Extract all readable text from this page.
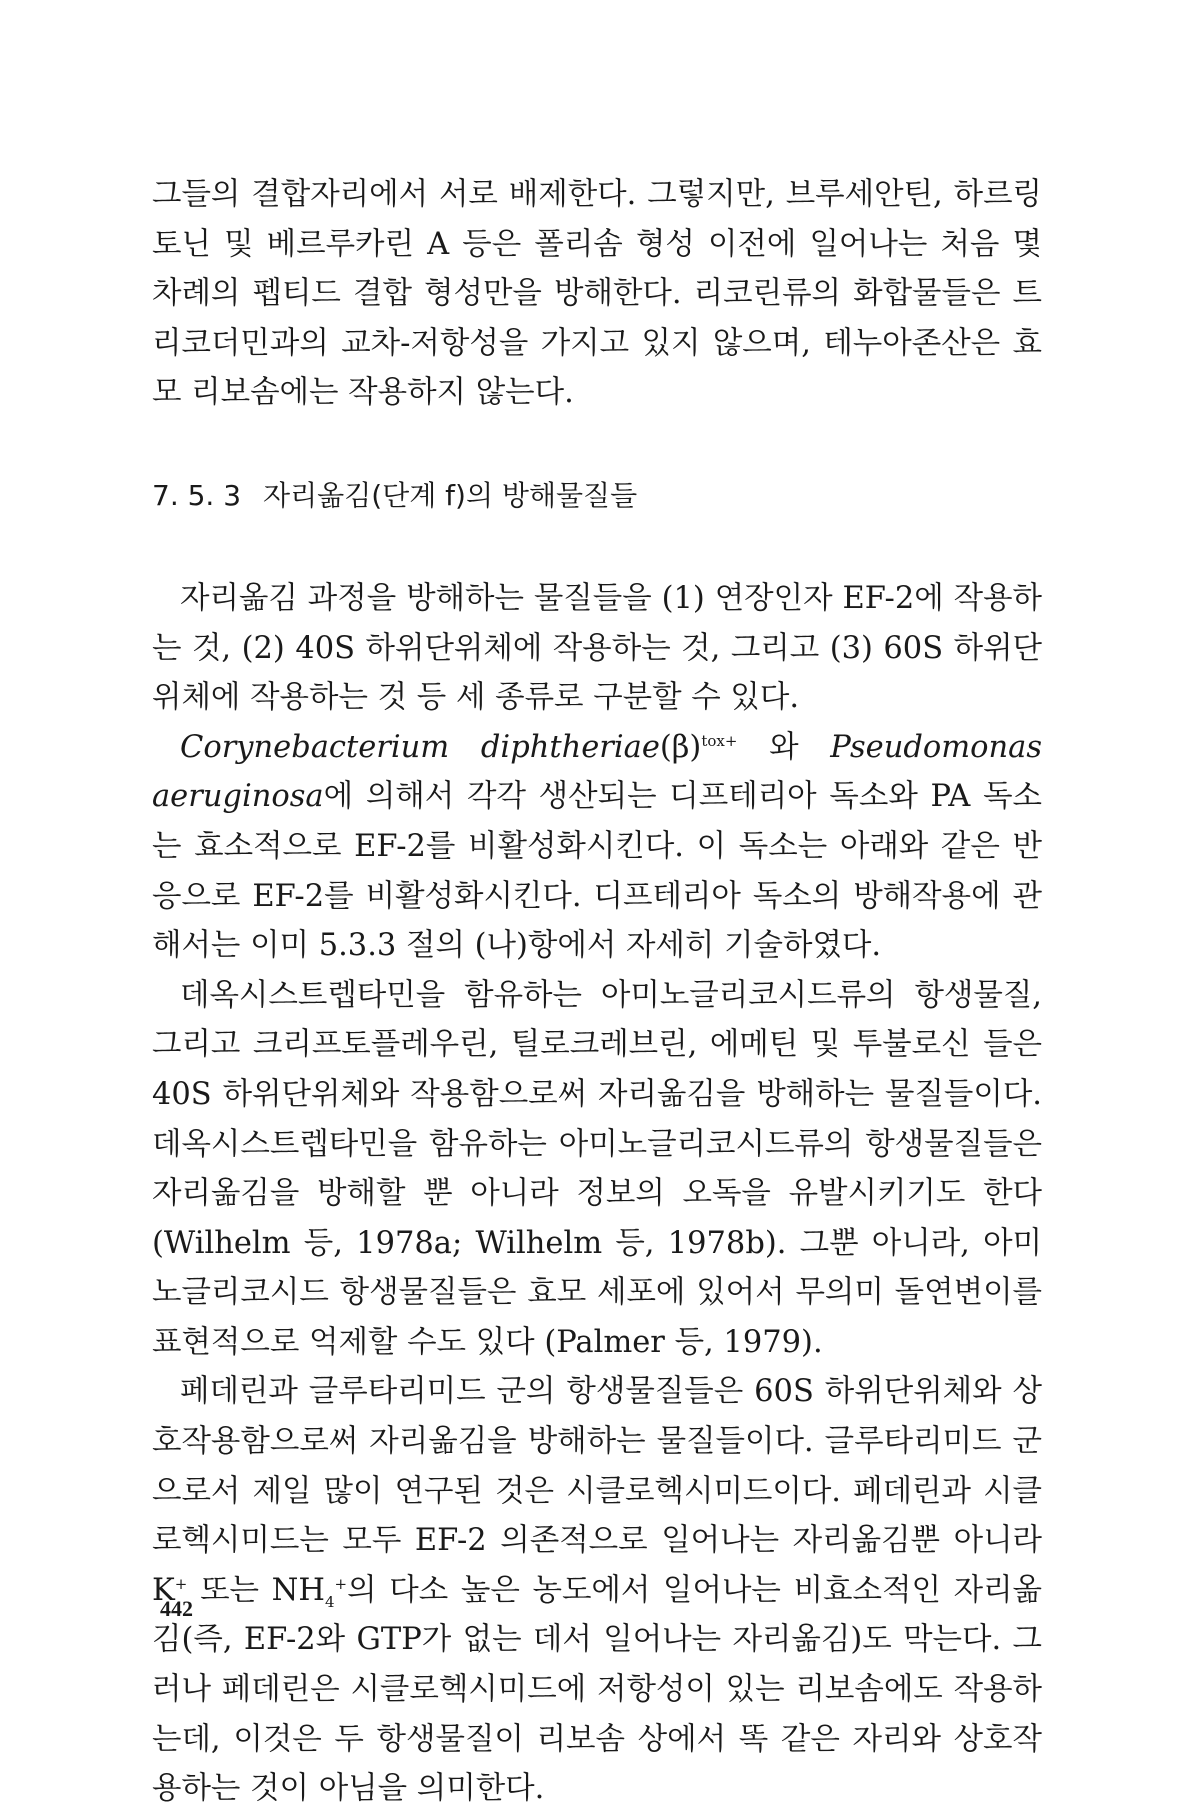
그들의 결합자리에서 서로 배제한다. 그렇지만, 브루세안틴, 하르링토닌 및 베르루카린 A 등은 폴리솜 형성 이전에 일어나는 처음 몇 차례의 펩티드 결합 형성만을 방해한다. 리코린류의 화합물들은 트리코더민과의 교차-저항성을 가지고 있지 않으며, 테누아존산은 효모 리보솜에는 작용하지 않는다.

7. 5. 3 자리옮김(단계 f)의 방해물질들

자리옮김 과정을 방해하는 물질들을 (1) 연장인자 EF-2에 작용하는 것, (2) 40S 하위단위체에 작용하는 것, 그리고 (3) 60S 하위단위체에 작용하는 것 등 세 종류로 구분할 수 있다.

Corynebacterium $diphtheriae(\beta)^{tox+}$ 와 Pseudomonas aeruginosa에 의해서 각각 생산되는 디프테리아 독소와 PA 독소는 효소적으로 EF-2를 비활성화시킨다. 이 독소는 아래와 같은 반응으로 EF-2를 비활성화시킨다. 디프테리아 독소의 방해작용에 관해서는 이미 5.3.3 절의 (나)항에서 자세히 기술하였다.

데옥시스트렙타민을 함유하는 아미노글리코시드류의 항생물질, 그리고 크리프토플레우린, 틸로크레브린, 에메틴 및 투불로신 들은 40S 하위단위체와 작용함으로써 자리옮김을 방해하는 물질들이다. 데옥시스트렙타민을 함유하는 아미노글리코시드류의 항생물질들은 자리옮김을 방해할 뿐 아니라 정보의 오독을 유발시키기도 한다(Wilhelm 등, 1978a; Wilhelm 등, 1978b). 그뿐 아니라, 아미노글리코시드 항생물질들은 효모 세포에 있어서 무의미 돌연변이를 표현적으로 억제할 수도 있다 (Palmer 등, 1979).

페데린과 글루타리미드 군의 항생물질들은 60S 하위단위체와 상호작용함으로써 자리옮김을 방해하는 물질들이다. 글루타리미드 군으로서 제일 많이 연구된 것은 시클로헥시미드이다. 페데린과 시클로헥시미드는 모두 EF-2 의존적으로 일어나는 자리옮김뿐 아니라 K+ 또는 $NH_4^+$의 다소 높은 농도에서 일어나는 비효소적인 자리옮김(즉, EF-2와 GTP가 없는 데서 일어나는 자리옮김)도 막는다. 그러나 페데린은 시클로헥시미드에 저항성이 있는 리보솜에도 작용하는데, 이것은 두 항생물질이 리보솜 상에서 똑 같은 자리와 상호작용하는 것이 아님을 의미한다.

442
